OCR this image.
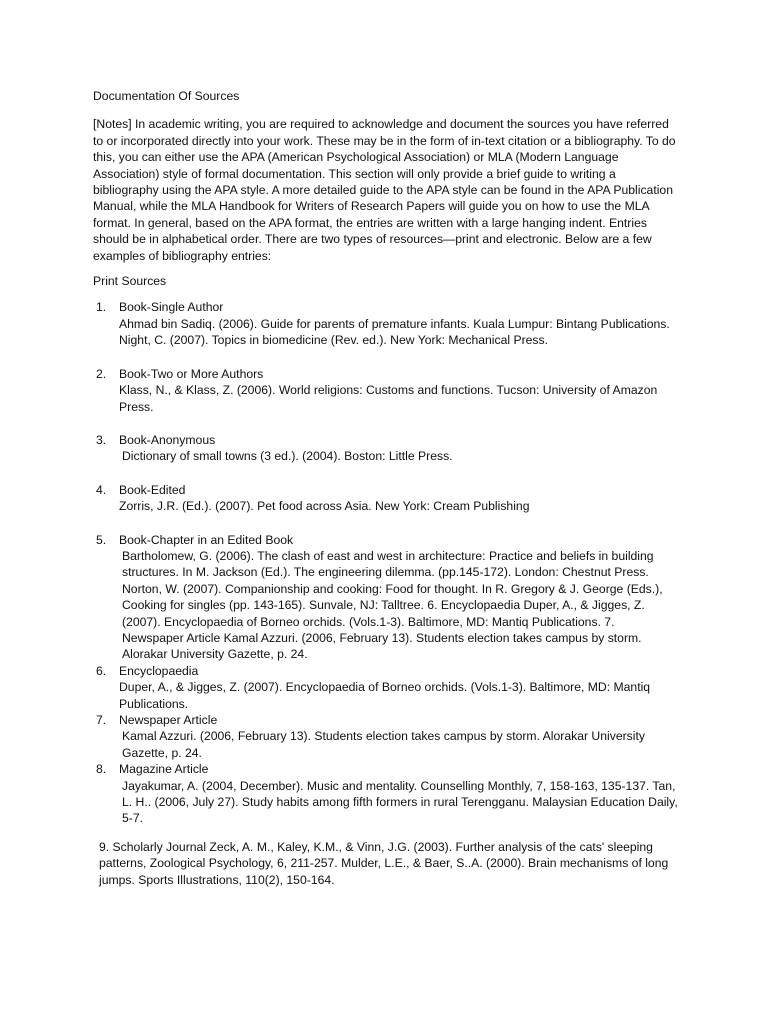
Documentation Of Sources

[Notes] In academic writing, you are required to acknowledge and document the sources you have referred to or incorporated directly into your work. These may be in the form of in-text citation or a bibliography. To do this, you can either use the APA (American Psychological Association) or MLA (Modern Language Association) style of formal documentation. This section will only provide a brief guide to writing a bibliography using the APA style. A more detailed guide to the APA style can be found in the APA Publication Manual, while the MLA Handbook for Writers of Research Papers will guide you on how to use the MLA format. In general, based on the APA format, the entries are written with a large hanging indent. Entries should be in alphabetical order. There are two types of resources—print and electronic. Below are a few examples of bibliography entries:

Print Sources

1. Book-Single Author
Ahmad bin Sadiq. (2006). Guide for parents of premature infants. Kuala Lumpur: Bintang Publications.
Night, C. (2007). Topics in biomedicine (Rev. ed.). New York: Mechanical Press.
2. Book-Two or More Authors
Klass, N., & Klass, Z. (2006). World religions: Customs and functions. Tucson: University of Amazon Press.
3. Book-Anonymous
Dictionary of small towns (3 ed.). (2004). Boston: Little Press.
4. Book-Edited
Zorris, J.R. (Ed.). (2007). Pet food across Asia. New York: Cream Publishing
5. Book-Chapter in an Edited Book
Bartholomew, G. (2006). The clash of east and west in architecture: Practice and beliefs in building structures. In M. Jackson (Ed.). The engineering dilemma. (pp.145-172). London: Chestnut Press. Norton, W. (2007). Companionship and cooking: Food for thought. In R. Gregory & J. George (Eds.), Cooking for singles (pp. 143-165). Sunvale, NJ: Talltree. 6. Encyclopaedia Duper, A., & Jigges, Z. (2007). Encyclopaedia of Borneo orchids. (Vols.1-3). Baltimore, MD: Mantiq Publications. 7. Newspaper Article Kamal Azzuri. (2006, February 13). Students election takes campus by storm. Alorakar University Gazette, p. 24.
6. Encyclopaedia
Duper, A., & Jigges, Z. (2007). Encyclopaedia of Borneo orchids. (Vols.1-3). Baltimore, MD: Mantiq Publications.
7. Newspaper Article
Kamal Azzuri. (2006, February 13). Students election takes campus by storm. Alorakar University Gazette, p. 24.
8. Magazine Article
Jayakumar, A. (2004, December). Music and mentality. Counselling Monthly, 7, 158-163, 135-137. Tan, L. H.. (2006, July 27). Study habits among fifth formers in rural Terengganu. Malaysian Education Daily, 5-7.

9. Scholarly Journal Zeck, A. M., Kaley, K.M., & Vinn, J.G. (2003). Further analysis of the cats' sleeping patterns, Zoological Psychology, 6, 211-257. Mulder, L.E., & Baer, S..A. (2000). Brain mechanisms of long jumps. Sports Illustrations, 110(2), 150-164.
